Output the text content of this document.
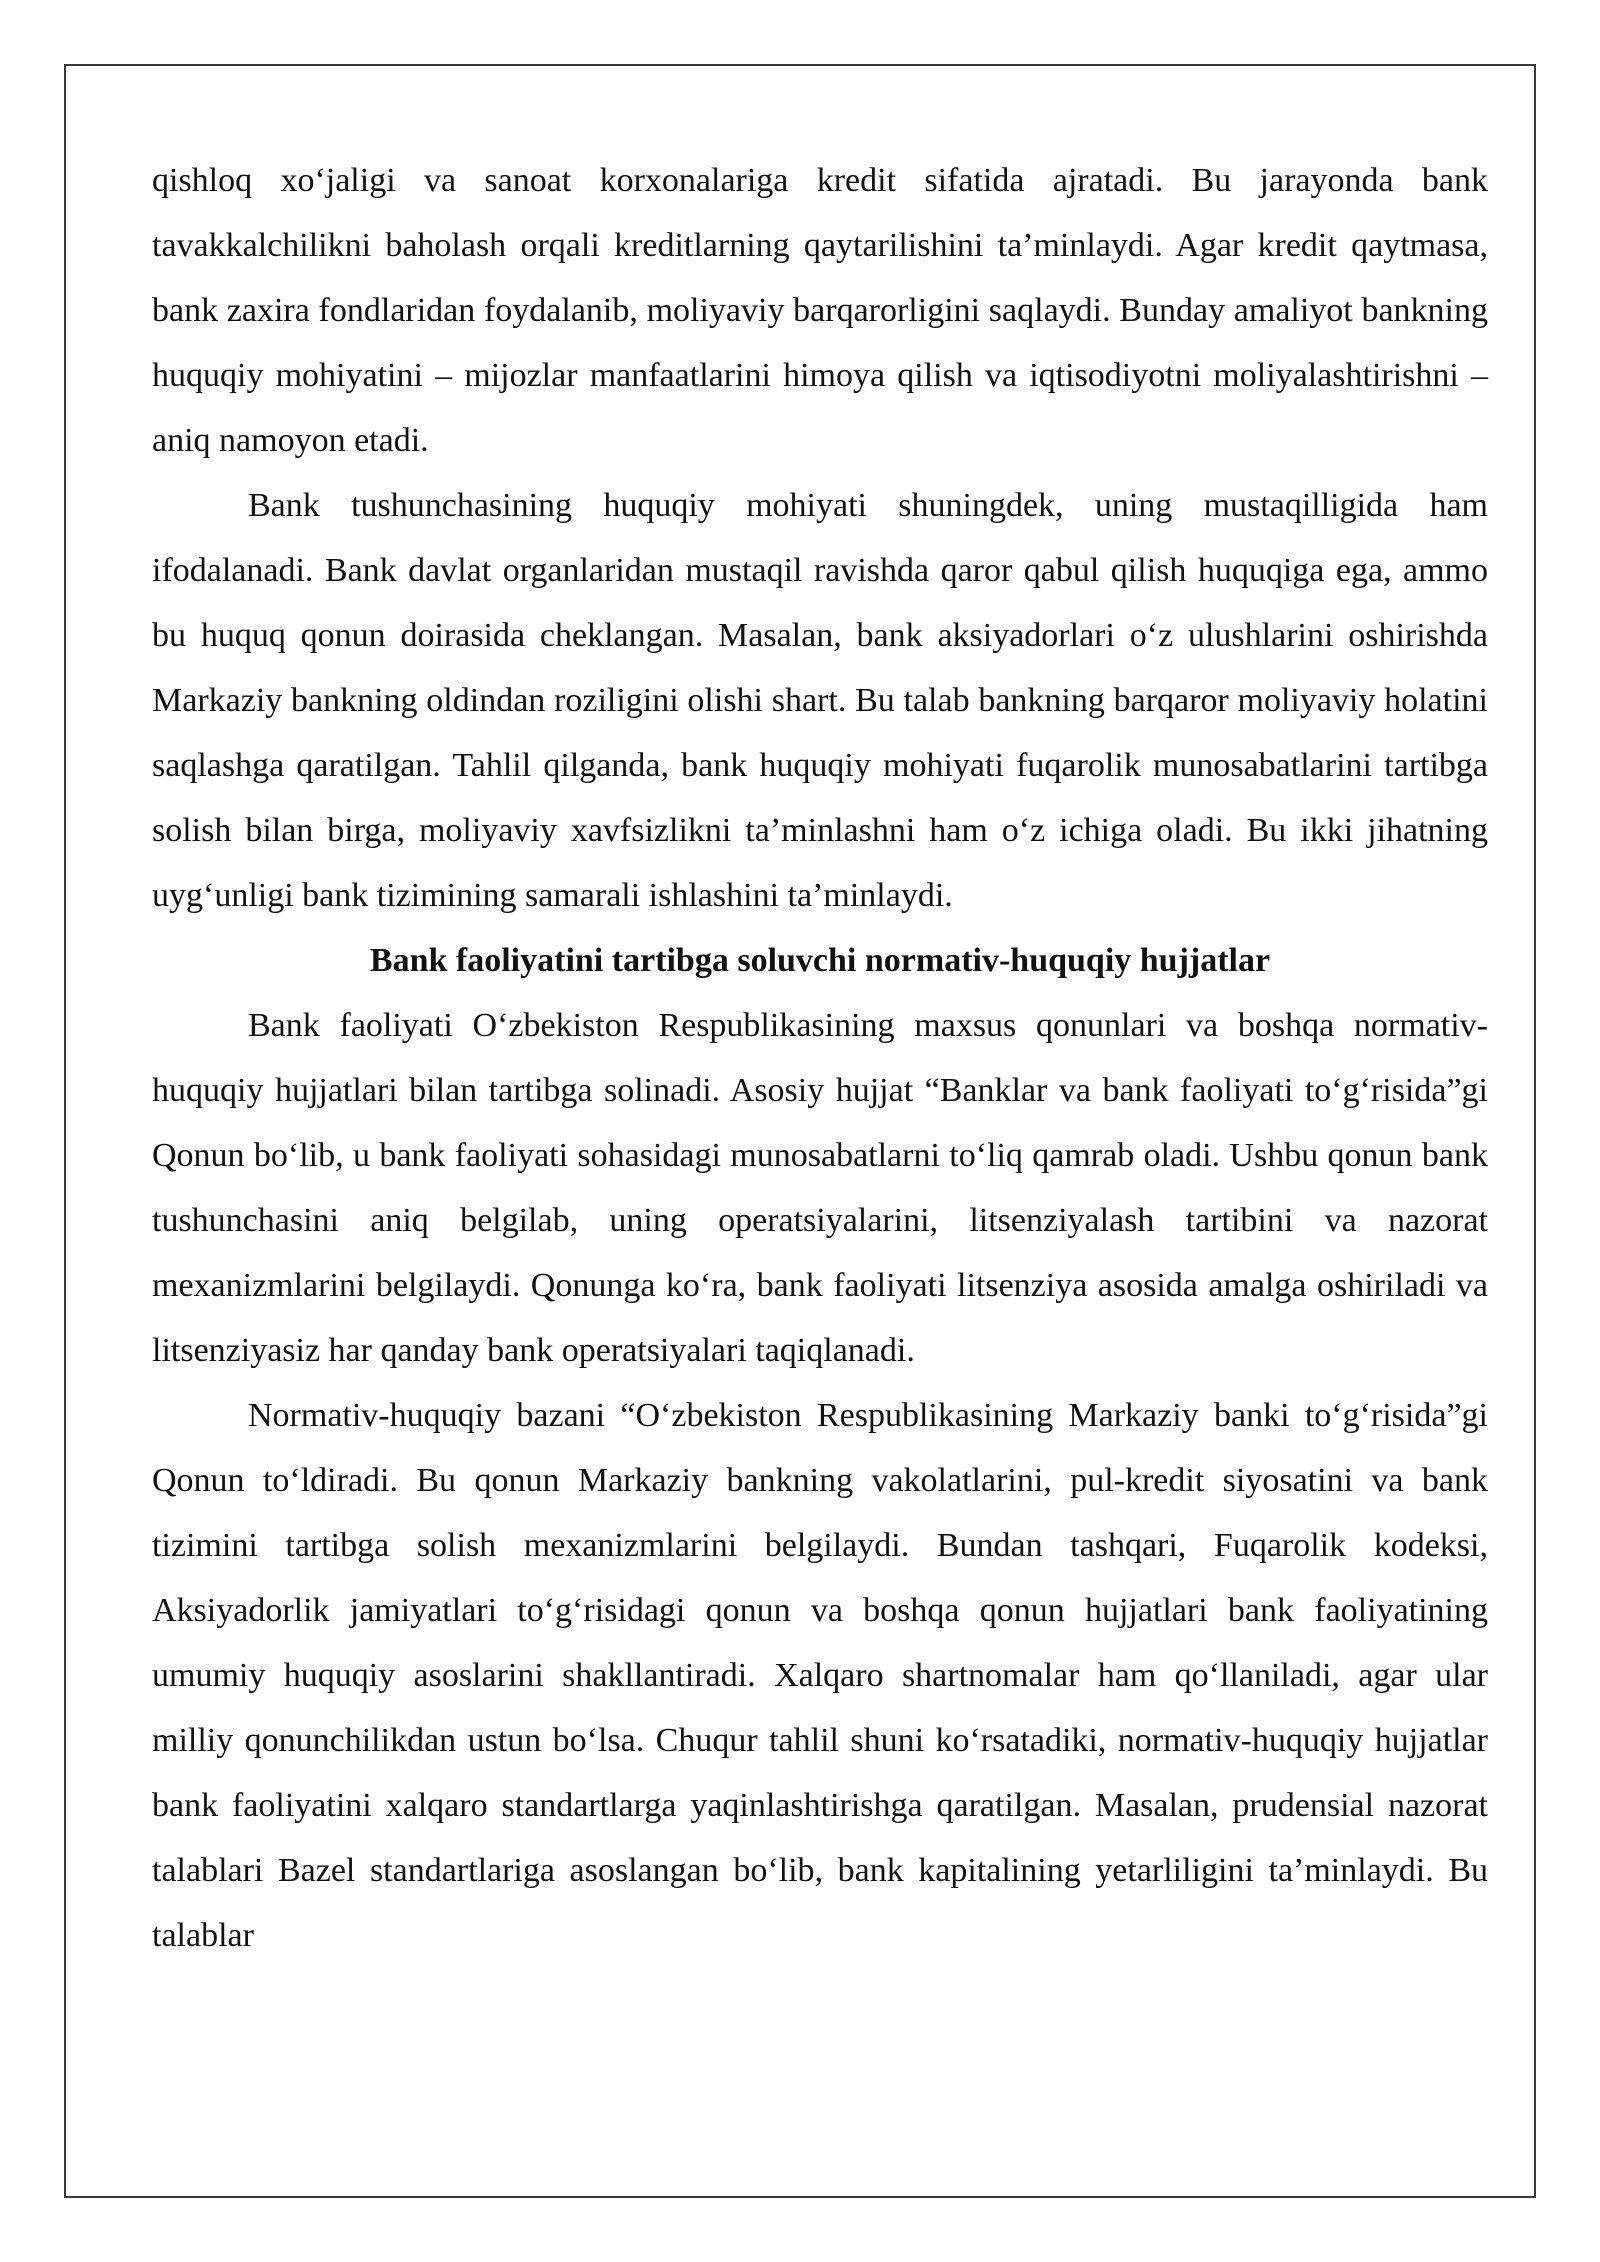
qishloq xo‘jaligi va sanoat korxonalariga kredit sifatida ajratadi. Bu jarayonda bank tavakkalchilikni baholash orqali kreditlarning qaytarilishini ta’minlaydi. Agar kredit qaytmasa, bank zaxira fondlaridan foydalanib, moliyaviy barqarorligini saqlaydi. Bunday amaliyot bankning huquqiy mohiyatini – mijozlar manfaatlarini himoya qilish va iqtisodiyotni moliyalashtirishni – aniq namoyon etadi.

Bank tushunchasining huquqiy mohiyati shuningdek, uning mustaqilligida ham ifodalanadi. Bank davlat organlaridan mustaqil ravishda qaror qabul qilish huquqiga ega, ammo bu huquq qonun doirasida cheklangan. Masalan, bank aksiyadorlari o‘z ulushlarini oshirishda Markaziy bankning oldindan roziligini olishi shart. Bu talab bankning barqaror moliyaviy holatini saqlashga qaratilgan. Tahlil qilganda, bank huquqiy mohiyati fuqarolik munosabatlarini tartibga solish bilan birga, moliyaviy xavfsizlikni ta’minlashni ham o‘z ichiga oladi. Bu ikki jihatning uyg‘unligi bank tizimining samarali ishlashini ta’minlaydi.

Bank faoliyatini tartibga soluvchi normativ-huquqiy hujjatlar

Bank faoliyati O‘zbekiston Respublikasining maxsus qonunlari va boshqa normativ-huquqiy hujjatlari bilan tartibga solinadi. Asosiy hujjat “Banklar va bank faoliyati to‘g‘risida”gi Qonun bo‘lib, u bank faoliyati sohasidagi munosabatlarni to‘liq qamrab oladi. Ushbu qonun bank tushunchasini aniq belgilab, uning operatsiyalarini, litsenziyalash tartibini va nazorat mexanizmlarini belgilaydi. Qonunga ko‘ra, bank faoliyati litsenziya asosida amalga oshiriladi va litsenziyasiz har qanday bank operatsiyalari taqiqlanadi.

Normativ-huquqiy bazani “O‘zbekiston Respublikasining Markaziy banki to‘g‘risida”gi Qonun to‘ldiradi. Bu qonun Markaziy bankning vakolatlarini, pul-kredit siyosatini va bank tizimini tartibga solish mexanizmlarini belgilaydi. Bundan tashqari, Fuqarolik kodeksi, Aksiyadorlik jamiyatlari to‘g‘risidagi qonun va boshqa qonun hujjatlari bank faoliyatining umumiy huquqiy asoslarini shakllantiradi. Xalqaro shartnomalar ham qo‘llaniladi, agar ular milliy qonunchilikdan ustun bo‘lsa. Chuqur tahlil shuni ko‘rsatadiki, normativ-huquqiy hujjatlar bank faoliyatini xalqaro standartlarga yaqinlashtirishga qaratilgan. Masalan, prudensial nazorat talablari Bazel standartlariga asoslangan bo‘lib, bank kapitalining yetarliligini ta’minlaydi. Bu talablar
